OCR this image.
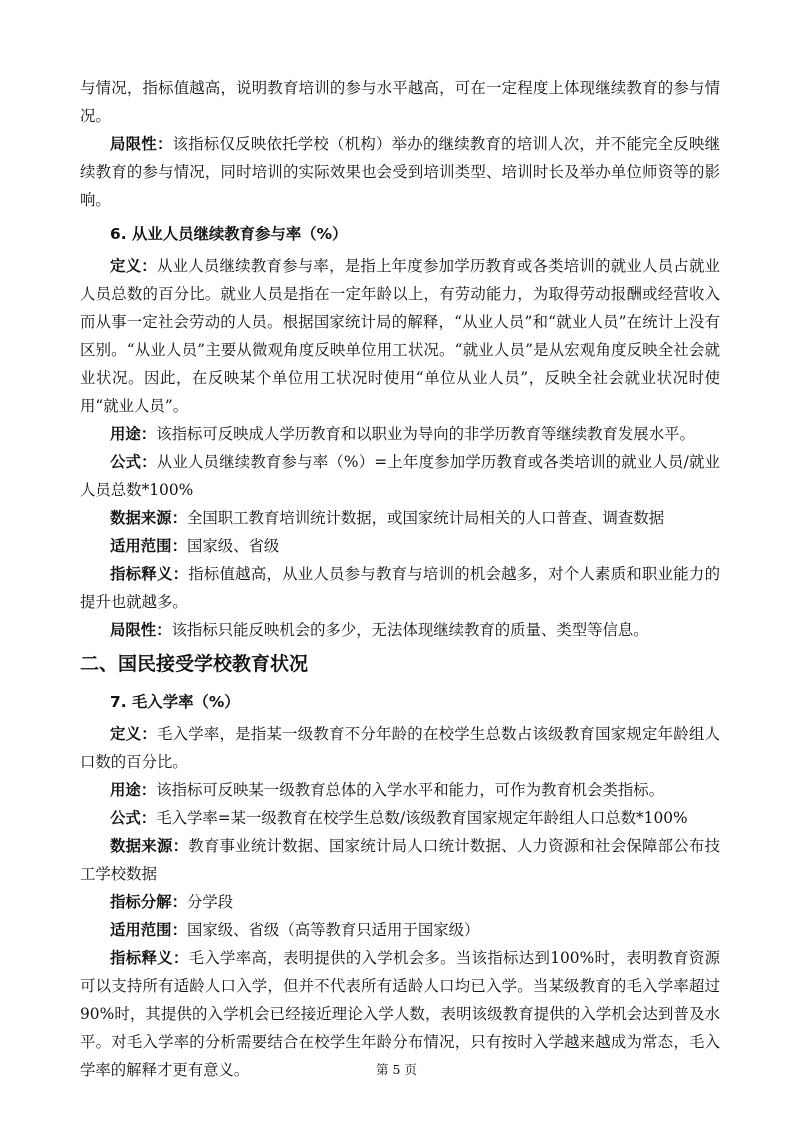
与情况，指标值越高，说明教育培训的参与水平越高，可在一定程度上体现继续教育的参与情况。

局限性：该指标仅反映依托学校（机构）举办的继续教育的培训人次，并不能完全反映继续教育的参与情况，同时培训的实际效果也会受到培训类型、培训时长及举办单位师资等的影响。

6. 从业人员继续教育参与率（%）

定义：从业人员继续教育参与率，是指上年度参加学历教育或各类培训的就业人员占就业人员总数的百分比。就业人员是指在一定年龄以上，有劳动能力，为取得劳动报酬或经营收入而从事一定社会劳动的人员。根据国家统计局的解释，“从业人员”和“就业人员”在统计上没有区别。“从业人员”主要从微观角度反映单位用工状况。“就业人员”是从宏观角度反映全社会就业状况。因此，在反映某个单位用工状况时使用“单位从业人员”，反映全社会就业状况时使用“就业人员”。

用途：该指标可反映成人学历教育和以职业为导向的非学历教育等继续教育发展水平。

公式：从业人员继续教育参与率（%）=上年度参加学历教育或各类培训的就业人员/就业人员总数*100%

数据来源：全国职工教育培训统计数据，或国家统计局相关的人口普查、调查数据

适用范围：国家级、省级

指标释义：指标值越高，从业人员参与教育与培训的机会越多，对个人素质和职业能力的提升也就越多。

局限性：该指标只能反映机会的多少，无法体现继续教育的质量、类型等信息。

二、国民接受学校教育状况
7. 毛入学率（%）

定义：毛入学率，是指某一级教育不分年龄的在校学生总数占该级教育国家规定年龄组人口数的百分比。

用途：该指标可反映某一级教育总体的入学水平和能力，可作为教育机会类指标。

公式：毛入学率=某一级教育在校学生总数/该级教育国家规定年龄组人口总数*100%

数据来源：教育事业统计数据、国家统计局人口统计数据、人力资源和社会保障部公布技工学校数据

指标分解：分学段

适用范围：国家级、省级（高等教育只适用于国家级）

指标释义：毛入学率高，表明提供的入学机会多。当该指标达到100%时，表明教育资源可以支持所有适龄人口入学，但并不代表所有适龄人口均已入学。当某级教育的毛入学率超过90%时，其提供的入学机会已经接近理论入学人数，表明该级教育提供的入学机会达到普及水平。对毛入学率的分析需要结合在校学生年龄分布情况，只有按时入学越来越成为常态，毛入学率的解释才更有意义。	第 5 页
